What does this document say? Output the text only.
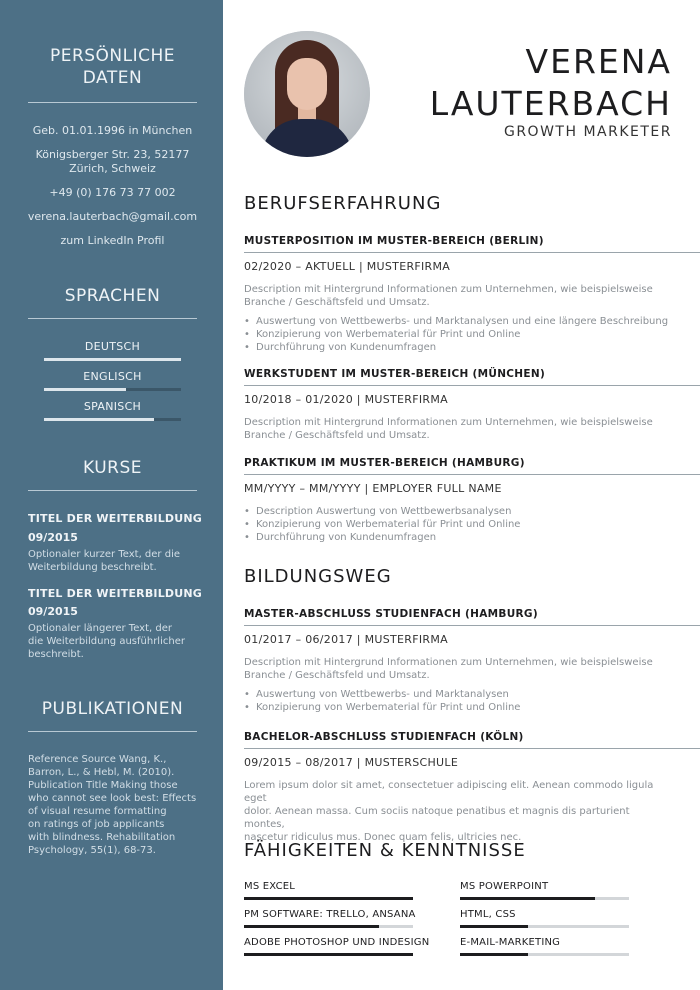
PERSÖNLICHE
DATEN
Geb. 01.01.1996 in München
Königsberger Str. 23, 52177
Zürich, Schweiz
+49 (0) 176 73 77 002
verena.lauterbach@gmail.com
zum LinkedIn Profil
SPRACHEN
DEUTSCH
ENGLISCH
SPANISCH
KURSE
TITEL DER WEITERBILDUNG
09/2015
Optionaler kurzer Text, der die
Weiterbildung beschreibt.
TITEL DER WEITERBILDUNG
09/2015
Optionaler längerer Text, der
die Weiterbildung ausführlicher
beschreibt.
PUBLIKATIONEN
Reference Source Wang, K.,
Barron, L., & Hebl, M. (2010).
Publication Title Making those
who cannot see look best: Effects
of visual resume formatting
on ratings of job applicants
with blindness. Rehabilitation
Psychology, 55(1), 68-73.
VERENA
LAUTERBACH
GROWTH MARKETER
BERUFSERFAHRUNG
MUSTERPOSITION IM MUSTER-BEREICH (BERLIN)
02/2020 – AKTUELL | MUSTERFIRMA
Description mit Hintergrund Informationen zum Unternehmen, wie beispielsweise
Branche / Geschäftsfeld und Umsatz.
• Auswertung von Wettbewerbs- und Marktanalysen und eine längere Beschreibung
• Konzipierung von Werbematerial für Print und Online
• Durchführung von Kundenumfragen
WERKSTUDENT IM MUSTER-BEREICH (MÜNCHEN)
10/2018 – 01/2020 | MUSTERFIRMA
Description mit Hintergrund Informationen zum Unternehmen, wie beispielsweise
Branche / Geschäftsfeld und Umsatz.
PRAKTIKUM IM MUSTER-BEREICH (HAMBURG)
MM/YYYY – MM/YYYY | EMPLOYER FULL NAME
• Description Auswertung von Wettbewerbsanalysen
• Konzipierung von Werbematerial für Print und Online
• Durchführung von Kundenumfragen
BILDUNGSWEG
MASTER-ABSCHLUSS STUDIENFACH (HAMBURG)
01/2017 – 06/2017 | MUSTERFIRMA
Description mit Hintergrund Informationen zum Unternehmen, wie beispielsweise
Branche / Geschäftsfeld und Umsatz.
• Auswertung von Wettbewerbs- und Marktanalysen
• Konzipierung von Werbematerial für Print und Online
BACHELOR-ABSCHLUSS STUDIENFACH (KÖLN)
09/2015 – 08/2017 | MUSTERSCHULE
Lorem ipsum dolor sit amet, consectetuer adipiscing elit. Aenean commodo ligula eget
dolor. Aenean massa. Cum sociis natoque penatibus et magnis dis parturient montes,
nascetur ridiculus mus. Donec quam felis, ultricies nec.
FÄHIGKEITEN & KENNTNISSE
MS EXCEL	MS POWERPOINT
PM SOFTWARE: TRELLO, ANSANA	HTML, CSS
ADOBE PHOTOSHOP UND INDESIGN	E-MAIL-MARKETING
